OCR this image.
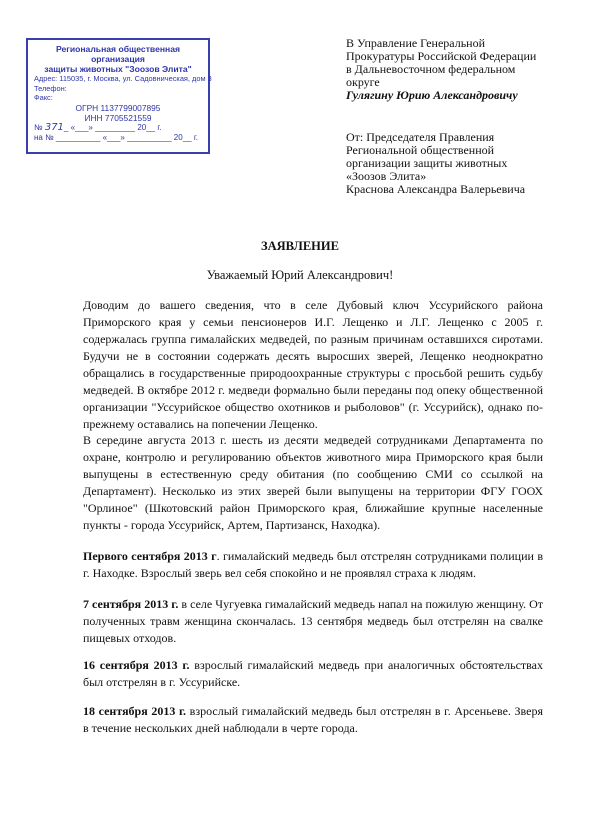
Региональная общественная организация
защиты животных "Зоозов Элита"
Адрес: 115035, г. Москва, ул. Садовническая, дом 3
Телефон:
Факс:
ОГРН 1137799007895
ИНН 7705521559
№ 371_ «___» _________ 20__ г.
на № __________ «___» __________ 20__ г.
В Управление Генеральной
Прокуратуры Российской Федерации
в Дальневосточном федеральном
округе
Гулягину Юрию Александровичу
От: Председателя Правления
Региональной общественной
организации защиты животных
«Зоозов Элита»
Краснова Александра Валерьевича
ЗАЯВЛЕНИЕ
Уважаемый Юрий Александрович!
Доводим до вашего сведения, что в селе Дубовый ключ Уссурийского района Приморского края у семьи пенсионеров И.Г. Лещенко и Л.Г. Лещенко с 2005 г. содержалась группа гималайских медведей, по разным причинам оставшихся сиротами. Будучи не в состоянии содержать десять выросших зверей, Лещенко неоднократно обращались в государственные природоохранные структуры с просьбой решить судьбу медведей. В октябре 2012 г. медведи формально были переданы под опеку общественной организации "Уссурийское общество охотников и рыболовов" (г. Уссурийск), однако по-прежнему оставались на попечении Лещенко.
В середине августа 2013 г. шесть из десяти медведей сотрудниками Департамента по охране, контролю и регулированию объектов животного мира Приморского края были выпущены в естественную среду обитания (по сообщению СМИ со ссылкой на Департамент). Несколько из этих зверей были выпущены на территории ФГУ ГООХ "Орлиное" (Шкотовский район Приморского края, ближайшие крупные населенные пункты - города Уссурийск, Артем, Партизанск, Находка).
Первого сентября 2013 г. гималайский медведь был отстрелян сотрудниками полиции в г. Находке. Взрослый зверь вел себя спокойно и не проявлял страха к людям.
7 сентября 2013 г. в селе Чугуевка гималайский медведь напал на пожилую женщину. От полученных травм женщина скончалась. 13 сентября медведь был отстрелян на свалке пищевых отходов.
16 сентября 2013 г. взрослый гималайский медведь при аналогичных обстоятельствах был отстрелян в г. Уссурийске.
18 сентября 2013 г. взрослый гималайский медведь был отстрелян в г. Арсеньеве. Зверя в течение нескольких дней наблюдали в черте города.
